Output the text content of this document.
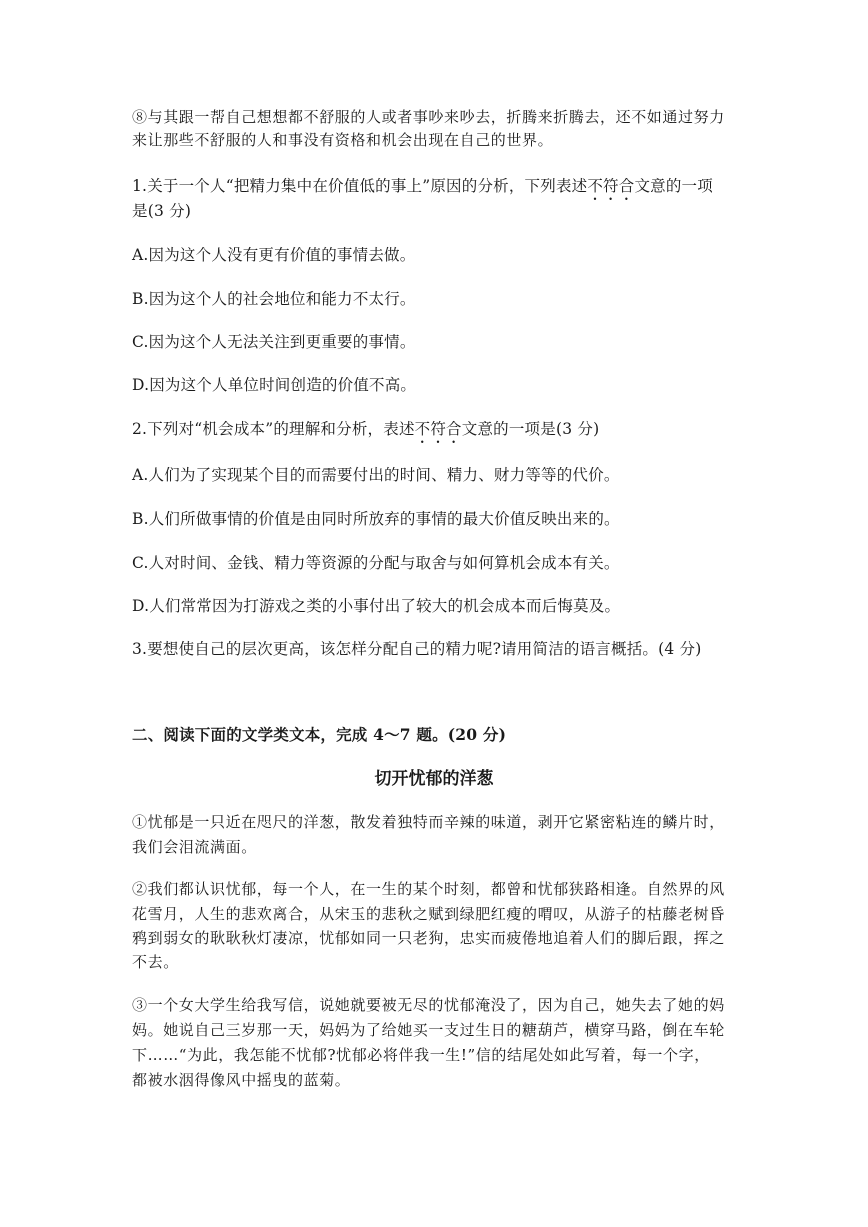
⑧与其跟一帮自己想想都不舒服的人或者事吵来吵去，折腾来折腾去，还不如通过努力
来让那些不舒服的人和事没有资格和机会出现在自己的世界。
1.关于一个人“把精力集中在价值低的事上”原因的分析，下列表述不符合文意的一项
是(3 分)
A.因为这个人没有更有价值的事情去做。
B.因为这个人的社会地位和能力不太行。
C.因为这个人无法关注到更重要的事情。
D.因为这个人单位时间创造的价值不高。
2.下列对“机会成本”的理解和分析，表述不符合文意的一项是(3 分)
A.人们为了实现某个目的而需要付出的时间、精力、财力等等的代价。
B.人们所做事情的价值是由同时所放弃的事情的最大价值反映出来的。
C.人对时间、金钱、精力等资源的分配与取舍与如何算机会成本有关。
D.人们常常因为打游戏之类的小事付出了较大的机会成本而后悔莫及。
3.要想使自己的层次更高，该怎样分配自己的精力呢?请用简洁的语言概括。(4 分)
二、阅读下面的文学类文本，完成 4～7 题。(20 分)
切开忧郁的洋葱
①忧郁是一只近在咫尺的洋葱，散发着独特而辛辣的味道，剥开它紧密粘连的鳞片时，
我们会泪流满面。
②我们都认识忧郁，每一个人，在一生的某个时刻，都曾和忧郁狭路相逢。自然界的风
花雪月，人生的悲欢离合，从宋玉的悲秋之赋到绿肥红瘦的喟叹，从游子的枯藤老树昏
鸦到弱女的耿耿秋灯凄凉，忧郁如同一只老狗，忠实而疲倦地追着人们的脚后跟，挥之
不去。
③一个女大学生给我写信，说她就要被无尽的忧郁淹没了，因为自己，她失去了她的妈
妈。她说自己三岁那一天，妈妈为了给她买一支过生日的糖葫芦，横穿马路，倒在车轮
下……“为此，我怎能不忧郁?忧郁必将伴我一生!”信的结尾处如此写着，每一个字，
都被水洇得像风中摇曳的蓝菊。
